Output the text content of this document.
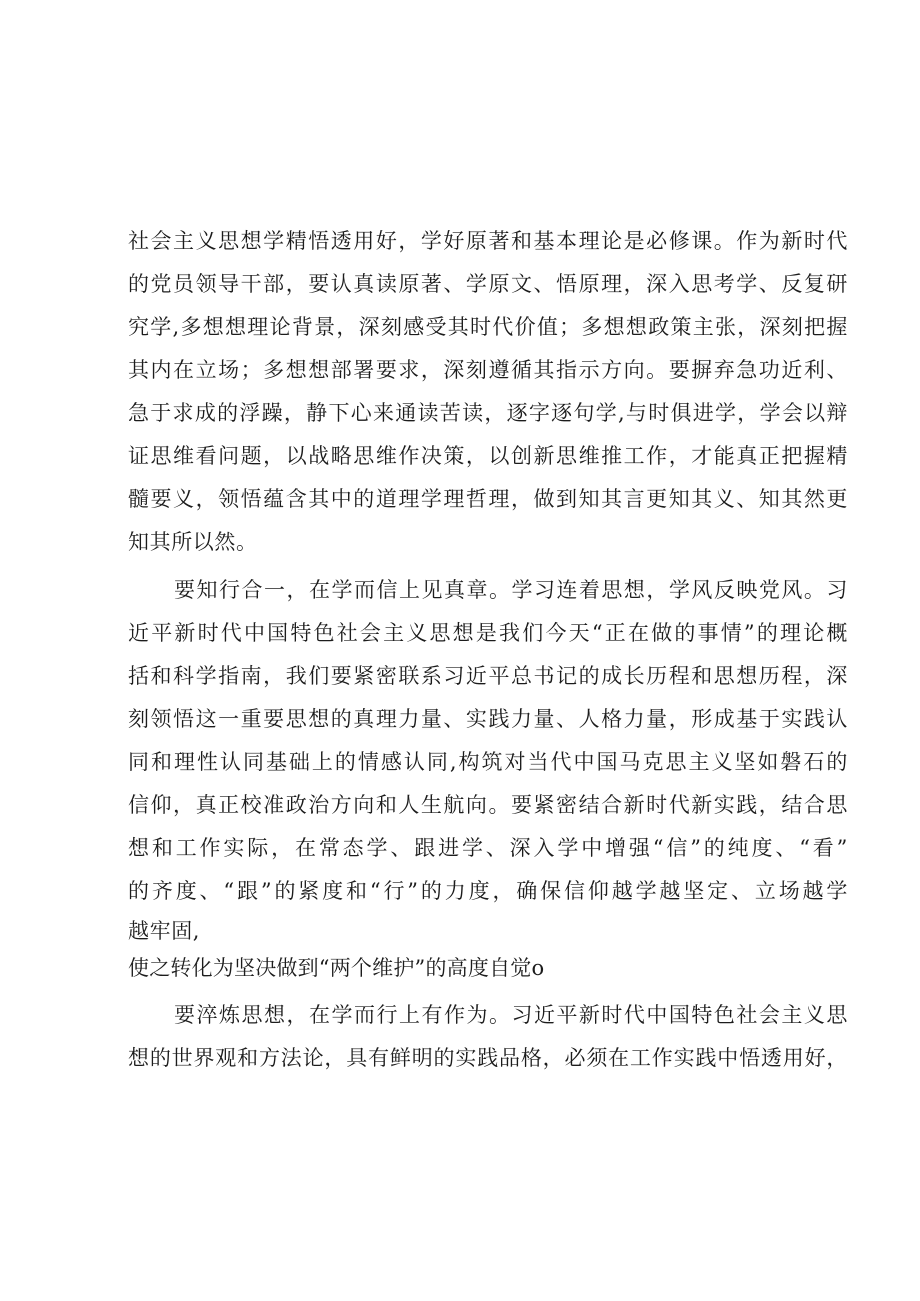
社会主义思想学精悟透用好，学好原著和基本理论是必修课。作为新时代

的党员领导干部，要认真读原著、学原文、悟原理，深入思考学、反复研

究学,多想想理论背景，深刻感受其时代价值；多想想政策主张，深刻把握

其内在立场；多想想部署要求，深刻遵循其指示方向。要摒弃急功近利、

急于求成的浮躁，静下心来通读苦读，逐字逐句学,与时俱进学，学会以辩

证思维看问题，以战略思维作决策，以创新思维推工作，才能真正把握精

髓要义，领悟蕴含其中的道理学理哲理，做到知其言更知其义、知其然更

知其所以然。

要知行合一，在学而信上见真章。学习连着思想，学风反映党风。习

近平新时代中国特色社会主义思想是我们今天“正在做的事情”的理论概

括和科学指南，我们要紧密联系习近平总书记的成长历程和思想历程，深

刻领悟这一重要思想的真理力量、实践力量、人格力量，形成基于实践认

同和理性认同基础上的情感认同,构筑对当代中国马克思主义坚如磐石的

信仰，真正校准政治方向和人生航向。要紧密结合新时代新实践，结合思

想和工作实际，在常态学、跟进学、深入学中增强“信”的纯度、“看”

的齐度、“跟”的紧度和“行”的力度，确保信仰越学越坚定、立场越学

越牢固,

使之转化为坚决做到“两个维护”的高度自觉o

要淬炼思想，在学而行上有作为。习近平新时代中国特色社会主义思

想的世界观和方法论，具有鲜明的实践品格，必须在工作实践中悟透用好，
